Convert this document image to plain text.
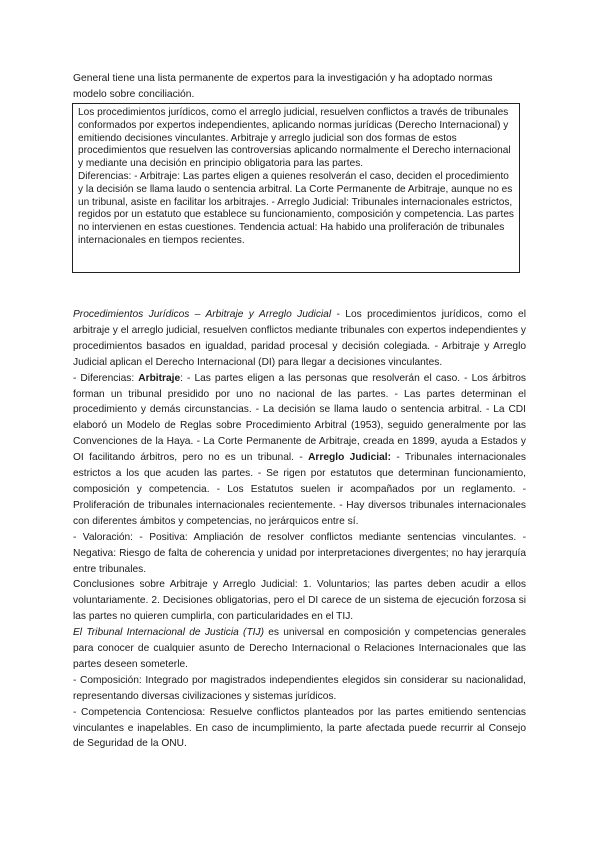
General tiene una lista permanente de expertos para la investigación y ha adoptado normas modelo sobre conciliación.

Los procedimientos jurídicos, como el arreglo judicial, resuelven conflictos a través de tribunales conformados por expertos independientes, aplicando normas jurídicas (Derecho Internacional) y emitiendo decisiones vinculantes. Arbitraje y arreglo judicial son dos formas de estos procedimientos que resuelven las controversias aplicando normalmente el Derecho internacional y mediante una decisión en principio obligatoria para las partes.

Diferencias: - Arbitraje: Las partes eligen a quienes resolverán el caso, deciden el procedimiento y la decisión se llama laudo o sentencia arbitral. La Corte Permanente de Arbitraje, aunque no es un tribunal, asiste en facilitar los arbitrajes. - Arreglo Judicial: Tribunales internacionales estrictos, regidos por un estatuto que establece su funcionamiento, composición y competencia. Las partes no intervienen en estas cuestiones. Tendencia actual: Ha habido una proliferación de tribunales internacionales en tiempos recientes.

Procedimientos Jurídicos – Arbitraje y Arreglo Judicial - Los procedimientos jurídicos, como el arbitraje y el arreglo judicial, resuelven conflictos mediante tribunales con expertos independientes y procedimientos basados en igualdad, paridad procesal y decisión colegiada. - Arbitraje y Arreglo Judicial aplican el Derecho Internacional (DI) para llegar a decisiones vinculantes.

- Diferencias: Arbitraje: - Las partes eligen a las personas que resolverán el caso. - Los árbitros forman un tribunal presidido por uno no nacional de las partes. - Las partes determinan el procedimiento y demás circunstancias. - La decisión se llama laudo o sentencia arbitral. - La CDI elaboró un Modelo de Reglas sobre Procedimiento Arbitral (1953), seguido generalmente por las Convenciones de la Haya. - La Corte Permanente de Arbitraje, creada en 1899, ayuda a Estados y OI facilitando árbitros, pero no es un tribunal. - Arreglo Judicial: - Tribunales internacionales estrictos a los que acuden las partes. - Se rigen por estatutos que determinan funcionamiento, composición y competencia. - Los Estatutos suelen ir acompañados por un reglamento. - Proliferación de tribunales internacionales recientemente. - Hay diversos tribunales internacionales con diferentes ámbitos y competencias, no jerárquicos entre sí.

- Valoración: - Positiva: Ampliación de resolver conflictos mediante sentencias vinculantes. - Negativa: Riesgo de falta de coherencia y unidad por interpretaciones divergentes; no hay jerarquía entre tribunales.

Conclusiones sobre Arbitraje y Arreglo Judicial: 1. Voluntarios; las partes deben acudir a ellos voluntariamente. 2. Decisiones obligatorias, pero el DI carece de un sistema de ejecución forzosa si las partes no quieren cumplirla, con particularidades en el TIJ.

El Tribunal Internacional de Justicia (TIJ) es universal en composición y competencias generales para conocer de cualquier asunto de Derecho Internacional o Relaciones Internacionales que las partes deseen someterle.

- Composición: Integrado por magistrados independientes elegidos sin considerar su nacionalidad, representando diversas civilizaciones y sistemas jurídicos.

- Competencia Contenciosa: Resuelve conflictos planteados por las partes emitiendo sentencias vinculantes e inapelables. En caso de incumplimiento, la parte afectada puede recurrir al Consejo de Seguridad de la ONU.
